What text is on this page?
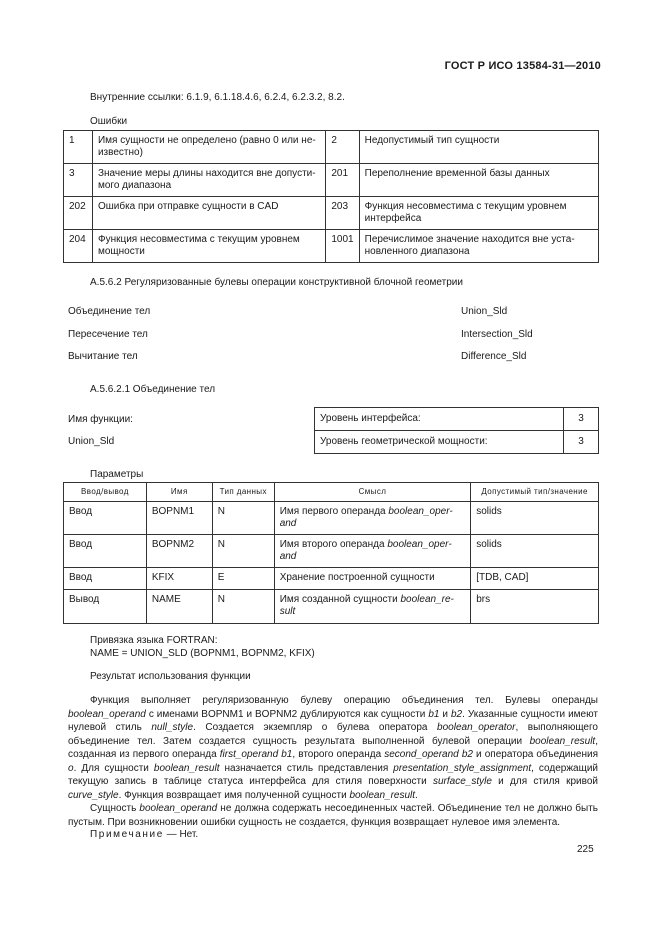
ГОСТ Р ИСО 13584-31—2010
Внутренние ссылки: 6.1.9, 6.1.18.4.6, 6.2.4, 6.2.3.2, 8.2.
Ошибки
1	Имя сущности не определено (равно 0 или не-известно)	2	Недопустимый тип сущности
3	Значение меры длины находится вне допусти-мого диапазона	201	Переполнение временной базы данных
202	Ошибка при отправке сущности в CAD	203	Функция несовместима с текущим уровнем интерфейса
204	Функция несовместима с текущим уровнем мощности	1001	Перечислимое значение находится вне уста-новленного диапазона
А.5.6.2 Регуляризованные булевы операции конструктивной блочной геометрии
Объединение тел	Union_Sld
Пересечение тел	Intersection_Sld
Вычитание тел	Difference_Sld
А.5.6.2.1 Объединение тел
Имя функции:
Union_Sld
Уровень интерфейса:	3
Уровень геометрической мощности:	3
Параметры
Ввод/вывод	Имя	Тип данных	Смысл	Допустимый тип/значение
Ввод	BOPNM1	N	Имя первого операнда boolean_oper-and	solids
Ввод	BOPNM2	N	Имя второго операнда boolean_oper-and	solids
Ввод	KFIX	E	Хранение построенной сущности	[TDB, CAD]
Вывод	NAME	N	Имя созданной сущности boolean_re-sult	brs
Привязка языка FORTRAN:
NAME = UNION_SLD (BOPNM1, BOPNM2, KFIX)
Результат использования функции

Функция выполняет регуляризованную булеву операцию объединения тел. Булевы операнды boolean_operand с именами BOPNM1 и BOPNM2 дублируются как сущности b1 и b2. Указанные сущности имеют нулевой стиль null_style. Создается экземпляр о булева оператора boolean_operator, выполняющего объединение тел. Затем создается сущность результата выполненной булевой операции boolean_result, созданная из первого операнда first_operand b1, второго операнда second_operand b2 и оператора объединения o. Для сущности boolean_result назначается стиль представления presentation_style_assignment, содержащий текущую запись в таблице статуса интерфейса для стиля поверхности surface_style и для стиля кривой curve_style. Функция возвращает имя полученной сущности boolean_result.

Сущность boolean_operand не должна содержать несоединенных частей. Объединение тел не должно быть пустым. При возникновении ошибки сущность не создается, функция возвращает нулевое имя элемента.

Примечание — Нет.
225
